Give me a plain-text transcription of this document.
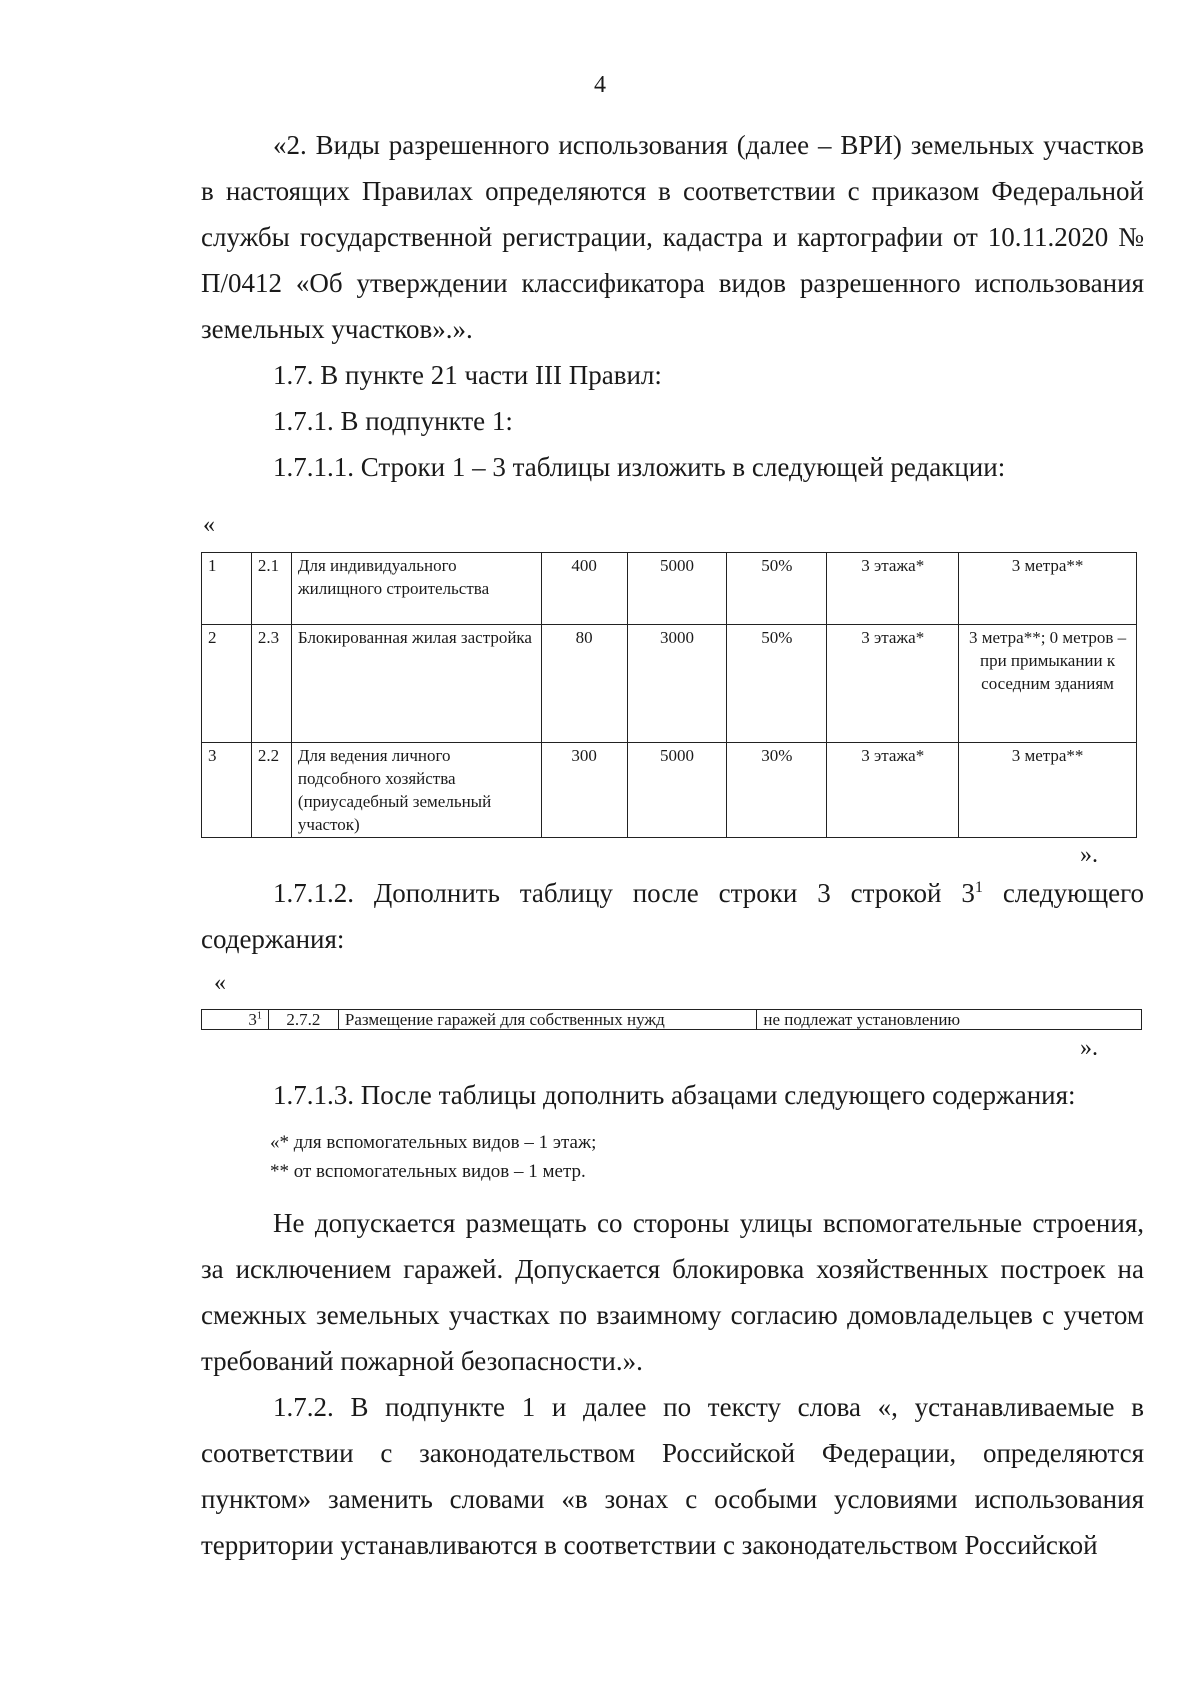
4

«2. Виды разрешенного использования (далее – ВРИ) земельных участков в настоящих Правилах определяются в соответствии с приказом Федеральной службы государственной регистрации, кадастра и картографии от 10.11.2020 № П/0412 «Об утверждении классификатора видов разрешенного использования земельных участков».».

1.7. В пункте 21 части III Правил:

1.7.1. В подпункте 1:

1.7.1.1. Строки 1 – 3 таблицы изложить в следующей редакции:

«
1	2.1	Для индивидуального жилищного строительства	400	5000	50%	3 этажа*	3 метра**
2	2.3	Блокированная жилая застройка	80	3000	50%	3 этажа*	3 метра**; 0 метров – при примыкании к соседним зданиям
3	2.2	Для ведения личного подсобного хозяйства (приусадебный земельный участок)	300	5000	30%	3 этажа*	3 метра**
».

1.7.1.2. Дополнить таблицу после строки 3 строкой $3^1$ следующего содержания:

«
$3^1$	2.7.2	Размещение гаражей для собственных нужд	не подлежат установлению
».

1.7.1.3. После таблицы дополнить абзацами следующего содержания:

«* для вспомогательных видов – 1 этаж;
** от вспомогательных видов – 1 метр.

Не допускается размещать со стороны улицы вспомогательные строения, за исключением гаражей. Допускается блокировка хозяйственных построек на смежных земельных участках по взаимному согласию домовладельцев с учетом требований пожарной безопасности.».

1.7.2. В подпункте 1 и далее по тексту слова «, устанавливаемые в соответствии с законодательством Российской Федерации, определяются пунктом» заменить словами «в зонах с особыми условиями использования территории устанавливаются в соответствии с законодательством Российской
